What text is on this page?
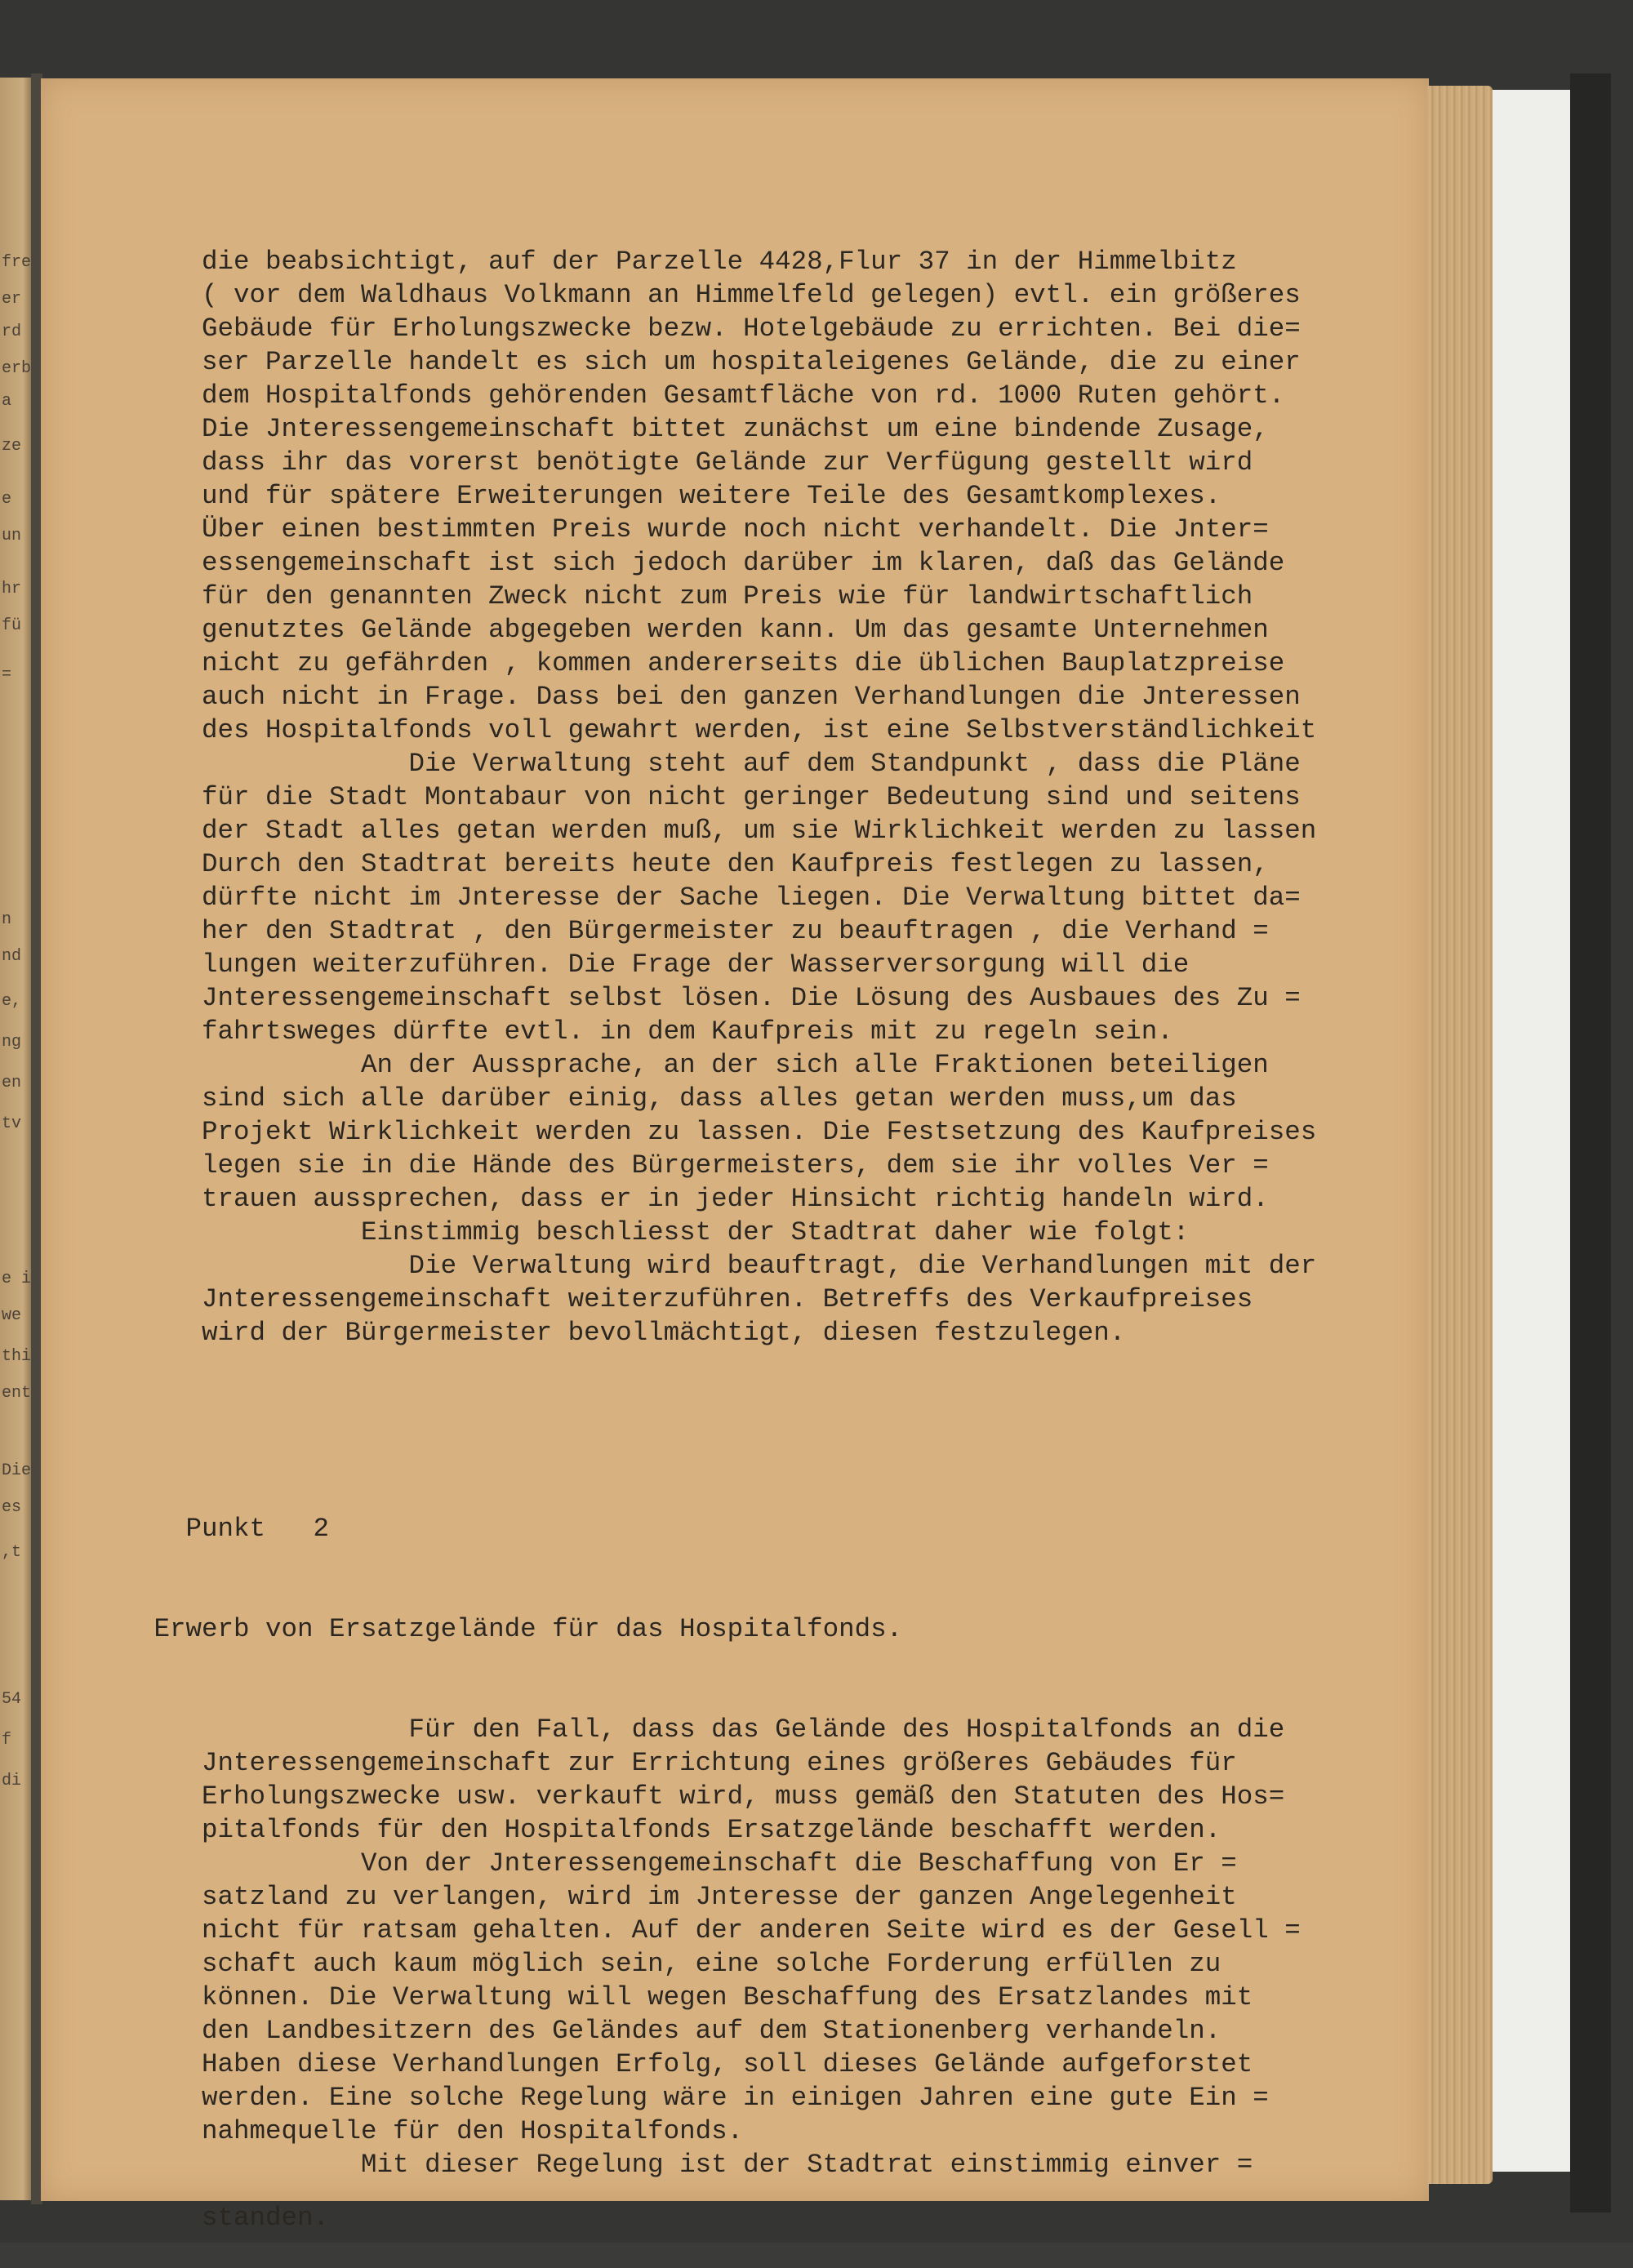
fre
er
rd
erb
a
ze
e
un
hr
fü
=
n
nd
e,
ng
en
tv
e i
we
thi
ent
Die
es
,t
54
f
di

die beabsichtigt, auf der Parzelle 4428,Flur 37 in der Himmelbitz
( vor dem Waldhaus Volkmann an Himmelfeld gelegen) evtl. ein größeres
Gebäude für Erholungszwecke bezw. Hotelgebäude zu errichten. Bei die=
ser Parzelle handelt es sich um hospitaleigenes Gelände, die zu einer
dem Hospitalfonds gehörenden Gesamtfläche von rd. 1000 Ruten gehört.
Die Jnteressengemeinschaft bittet zunächst um eine bindende Zusage,
dass ihr das vorerst benötigte Gelände zur Verfügung gestellt wird
und für spätere Erweiterungen weitere Teile des Gesamtkomplexes.
Über einen bestimmten Preis wurde noch nicht verhandelt. Die Jnter=
essengemeinschaft ist sich jedoch darüber im klaren, daß das Gelände
für den genannten Zweck nicht zum Preis wie für landwirtschaftlich
genutztes Gelände abgegeben werden kann. Um das gesamte Unternehmen
nicht zu gefährden , kommen andererseits die üblichen Bauplatzpreise
auch nicht in Frage. Dass bei den ganzen Verhandlungen die Jnteressen
des Hospitalfonds voll gewahrt werden, ist eine Selbstverständlichkeit
Die Verwaltung steht auf dem Standpunkt , dass die Pläne
für die Stadt Montabaur von nicht geringer Bedeutung sind und seitens
der Stadt alles getan werden muß, um sie Wirklichkeit werden zu lassen
Durch den Stadtrat bereits heute den Kaufpreis festlegen zu lassen,
dürfte nicht im Jnteresse der Sache liegen. Die Verwaltung bittet da=
her den Stadtrat , den Bürgermeister zu beauftragen , die Verhand =
lungen weiterzuführen. Die Frage der Wasserversorgung will die
Jnteressengemeinschaft selbst lösen. Die Lösung des Ausbaues des Zu =
fahrtsweges dürfte evtl. in dem Kaufpreis mit zu regeln sein.
An der Aussprache, an der sich alle Fraktionen beteiligen
sind sich alle darüber einig, dass alles getan werden muss,um das
Projekt Wirklichkeit werden zu lassen. Die Festsetzung des Kaufpreises
legen sie in die Hände des Bürgermeisters, dem sie ihr volles Ver =
trauen aussprechen, dass er in jeder Hinsicht richtig handeln wird.
Einstimmig beschliesst der Stadtrat daher wie folgt:
Die Verwaltung wird beauftragt, die Verhandlungen mit der
Jnteressengemeinschaft weiterzuführen. Betreffs des Verkaufpreises
wird der Bürgermeister bevollmächtigt, diesen festzulegen.

Punkt   2

Erwerb von Ersatzgelände für das Hospitalfonds.

Für den Fall, dass das Gelände des Hospitalfonds an die
Jnteressengemeinschaft zur Errichtung eines größeres Gebäudes für
Erholungszwecke usw. verkauft wird, muss gemäß den Statuten des Hos=
pitalfonds für den Hospitalfonds Ersatzgelände beschafft werden.
Von der Jnteressengemeinschaft die Beschaffung von Er =
satzland zu verlangen, wird im Jnteresse der ganzen Angelegenheit
nicht für ratsam gehalten. Auf der anderen Seite wird es der Gesell =
schaft auch kaum möglich sein, eine solche Forderung erfüllen zu
können. Die Verwaltung will wegen Beschaffung des Ersatzlandes mit
den Landbesitzern des Geländes auf dem Stationenberg verhandeln.
Haben diese Verhandlungen Erfolg, soll dieses Gelände aufgeforstet
werden. Eine solche Regelung wäre in einigen Jahren eine gute Ein =
nahmequelle für den Hospitalfonds.
Mit dieser Regelung ist der Stadtrat einstimmig einver =
standen.
